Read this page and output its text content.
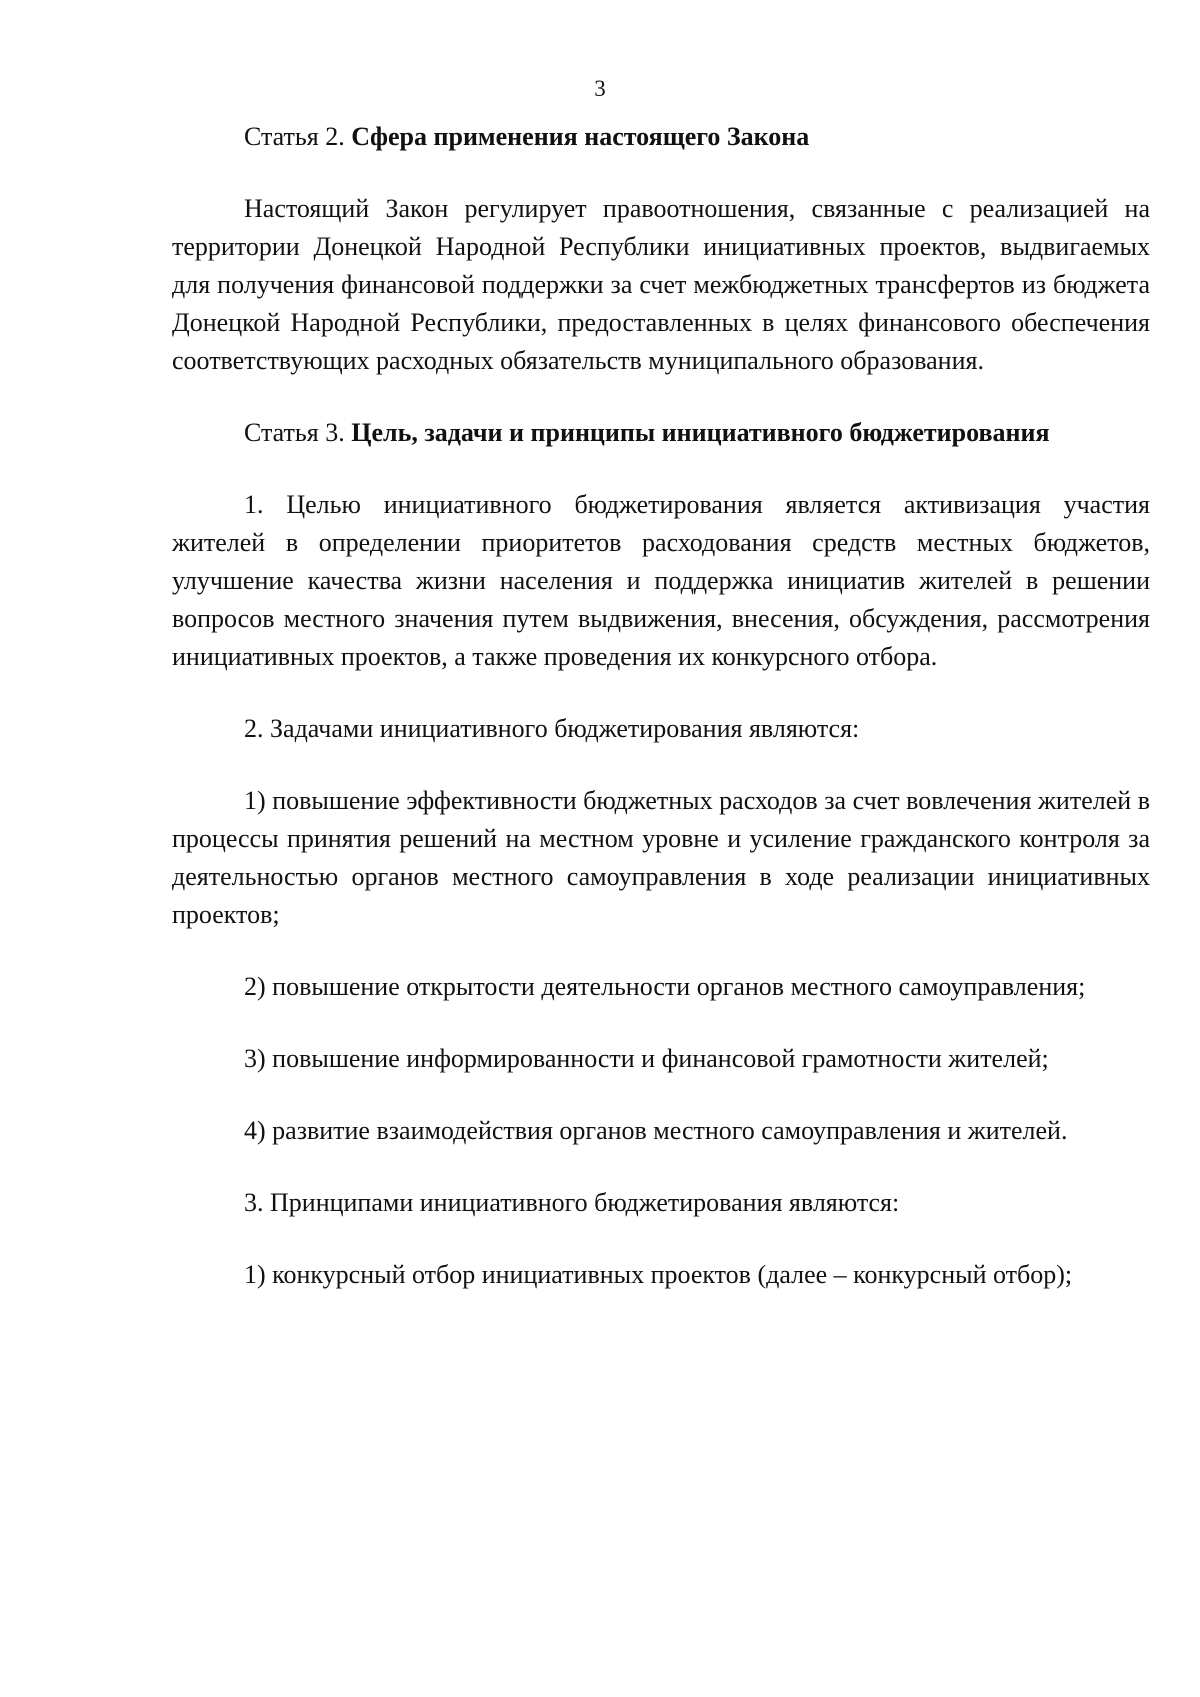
3
Статья 2. Сфера применения настоящего Закона

Настоящий Закон регулирует правоотношения, связанные с реализацией на территории Донецкой Народной Республики инициативных проектов, выдвигаемых для получения финансовой поддержки за счет межбюджетных трансфертов из бюджета Донецкой Народной Республики, предоставленных в целях финансового обеспечения соответствующих расходных обязательств муниципального образования.

Статья 3. Цель, задачи и принципы инициативного бюджетирования

1. Целью инициативного бюджетирования является активизация участия жителей в определении приоритетов расходования средств местных бюджетов, улучшение качества жизни населения и поддержка инициатив жителей в решении вопросов местного значения путем выдвижения, внесения, обсуждения, рассмотрения инициативных проектов, а также проведения их конкурсного отбора.

2. Задачами инициативного бюджетирования являются:

1) повышение эффективности бюджетных расходов за счет вовлечения жителей в процессы принятия решений на местном уровне и усиление гражданского контроля за деятельностью органов местного самоуправления в ходе реализации инициативных проектов;

2) повышение открытости деятельности органов местного самоуправления;

3) повышение информированности и финансовой грамотности жителей;

4) развитие взаимодействия органов местного самоуправления и жителей.

3. Принципами инициативного бюджетирования являются:

1) конкурсный отбор инициативных проектов (далее – конкурсный отбор);
